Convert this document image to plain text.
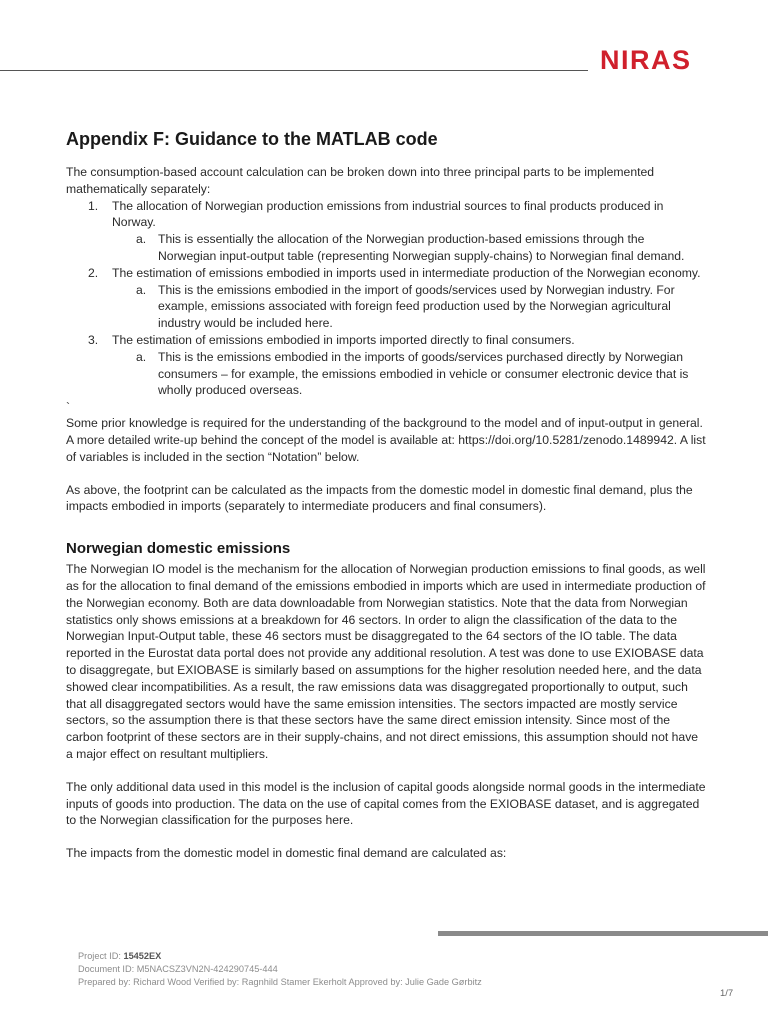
NIRAS
Appendix F: Guidance to the MATLAB code

The consumption-based account calculation can be broken down into three principal parts to be implemented mathematically separately:

1. The allocation of Norwegian production emissions from industrial sources to final products produced in Norway.
a. This is essentially the allocation of the Norwegian production-based emissions through the Norwegian input-output table (representing Norwegian supply-chains) to Norwegian final demand.
2. The estimation of emissions embodied in imports used in intermediate production of the Norwegian economy.
a. This is the emissions embodied in the import of goods/services used by Norwegian industry. For example, emissions associated with foreign feed production used by the Norwegian agricultural industry would be included here.
3. The estimation of emissions embodied in imports imported directly to final consumers.
a. This is the emissions embodied in the imports of goods/services purchased directly by Norwegian consumers – for example, the emissions embodied in vehicle or consumer electronic device that is wholly produced overseas.

`

Some prior knowledge is required for the understanding of the background to the model and of input-output in general. A more detailed write-up behind the concept of the model is available at: https://doi.org/10.5281/zenodo.1489942. A list of variables is included in the section “Notation” below.

As above, the footprint can be calculated as the impacts from the domestic model in domestic final demand, plus the impacts embodied in imports (separately to intermediate producers and final consumers).

Norwegian domestic emissions

The Norwegian IO model is the mechanism for the allocation of Norwegian production emissions to final goods, as well as for the allocation to final demand of the emissions embodied in imports which are used in intermediate production of the Norwegian economy. Both are data downloadable from Norwegian statistics. Note that the data from Norwegian statistics only shows emissions at a breakdown for 46 sectors. In order to align the classification of the data to the Norwegian Input-Output table, these 46 sectors must be disaggregated to the 64 sectors of the IO table. The data reported in the Eurostat data portal does not provide any additional resolution. A test was done to use EXIOBASE data to disaggregate, but EXIOBASE is similarly based on assumptions for the higher resolution needed here, and the data showed clear incompatibilities. As a result, the raw emissions data was disaggregated proportionally to output, such that all disaggregated sectors would have the same emission intensities. The sectors impacted are mostly service sectors, so the assumption there is that these sectors have the same direct emission intensity. Since most of the carbon footprint of these sectors are in their supply-chains, and not direct emissions, this assumption should not have a major effect on resultant multipliers.

The only additional data used in this model is the inclusion of capital goods alongside normal goods in the intermediate inputs of goods into production. The data on the use of capital comes from the EXIOBASE dataset, and is aggregated to the Norwegian classification for the purposes here.

The impacts from the domestic model in domestic final demand are calculated as:

Project ID: 15452EX
Document ID: M5NACSZ3VN2N-424290745-444
Prepared by: Richard Wood Verified by: Ragnhild Stamer Ekerholt Approved by: Julie Gade Gørbitz
1/7
